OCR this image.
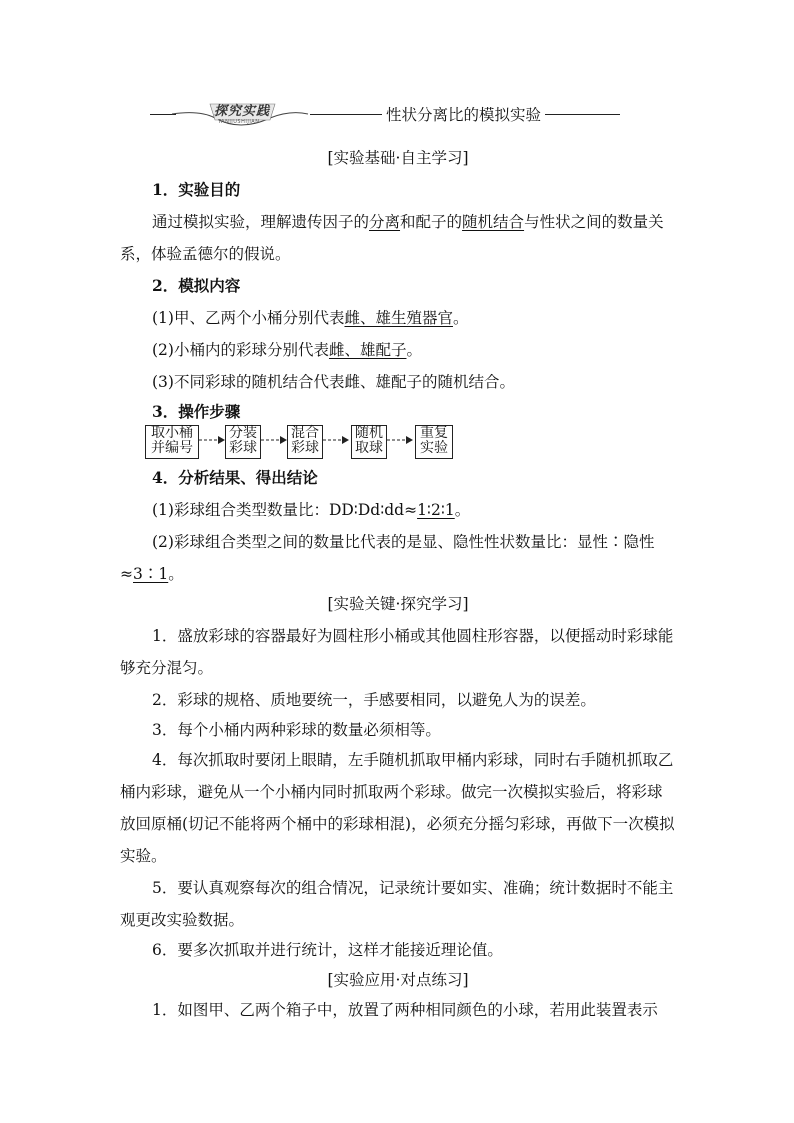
探究实践
TANJIUSHIJIAN	性状分离比的模拟实验
[实验基础·自主学习]

1．实验目的

通过模拟实验，理解遗传因子的分离和配子的随机结合与性状之间的数量关系，体验孟德尔的假说。

2．模拟内容

(1)甲、乙两个小桶分别代表雌、雄生殖器官。

(2)小桶内的彩球分别代表雌、雄配子。

(3)不同彩球的随机结合代表雌、雄配子的随机结合。

3．操作步骤

取小桶
并编号
分装
彩球
混合
彩球
随机
取球
重复
实验

4．分析结果、得出结论

(1)彩球组合类型数量比：DD∶Dd∶dd≈1∶2∶1。

(2)彩球组合类型之间的数量比代表的是显、隐性性状数量比：显性∶隐性≈3∶1。

[实验关键·探究学习]

1．盛放彩球的容器最好为圆柱形小桶或其他圆柱形容器，以便摇动时彩球能够充分混匀。

2．彩球的规格、质地要统一，手感要相同，以避免人为的误差。

3．每个小桶内两种彩球的数量必须相等。

4．每次抓取时要闭上眼睛，左手随机抓取甲桶内彩球，同时右手随机抓取乙桶内彩球，避免从一个小桶内同时抓取两个彩球。做完一次模拟实验后，将彩球放回原桶(切记不能将两个桶中的彩球相混)，必须充分摇匀彩球，再做下一次模拟实验。

5．要认真观察每次的组合情况，记录统计要如实、准确；统计数据时不能主观更改实验数据。

6．要多次抓取并进行统计，这样才能接近理论值。

[实验应用·对点练习]

1．如图甲、乙两个箱子中，放置了两种相同颜色的小球，若用此装置表示
